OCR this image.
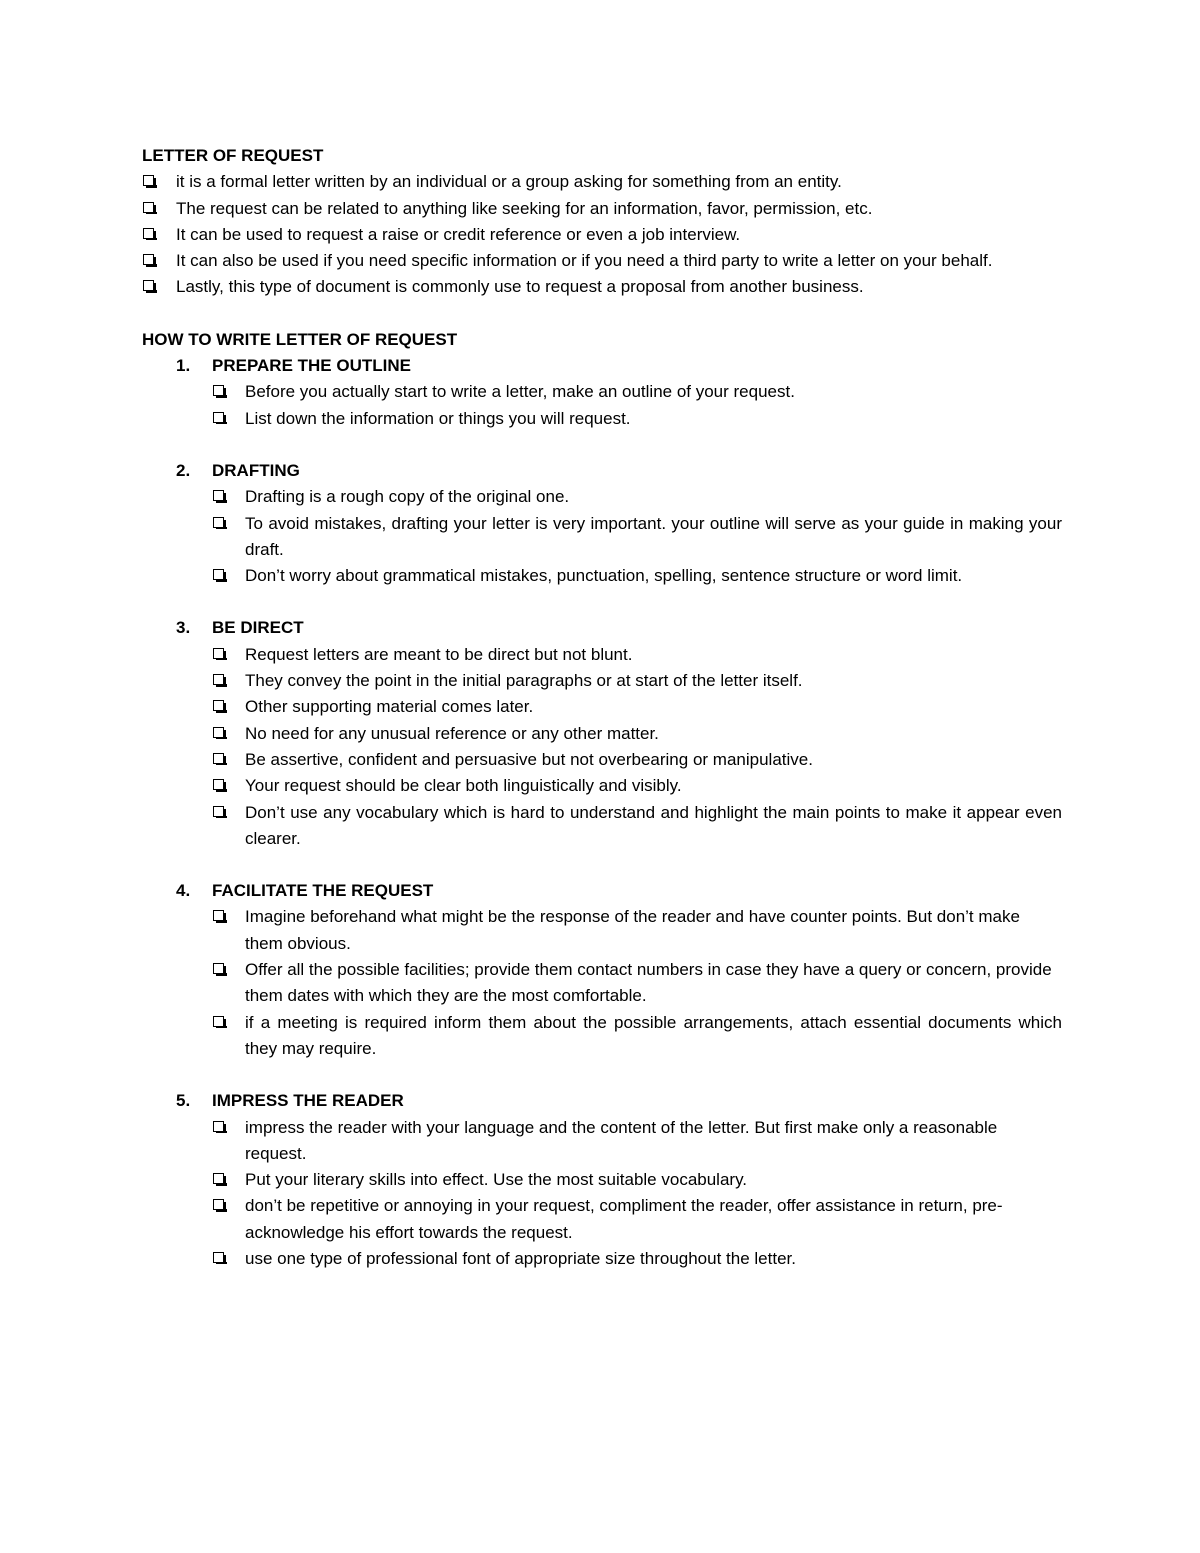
LETTER OF REQUEST
it is a formal letter written by an individual or a group asking for something from an entity.
The request can be related to anything like seeking for an information, favor, permission, etc.
It can be used to request a raise or credit reference or even a job interview.
It can also be used if you need specific information or if you need a third party to write a letter on your behalf.
Lastly, this type of document is commonly use to request a proposal from another business.
HOW TO WRITE LETTER OF REQUEST
1. PREPARE THE OUTLINE
Before you actually start to write a letter, make an outline of your request.
List down the information or things you will request.
2. DRAFTING
Drafting is a rough copy of the original one.
To avoid mistakes, drafting your letter is very important. your outline will serve as your guide in making your draft.
Don’t worry about grammatical mistakes, punctuation, spelling, sentence structure or word limit.
3. BE DIRECT
Request letters are meant to be direct but not blunt.
They convey the point in the initial paragraphs or at start of the letter itself.
Other supporting material comes later.
No need for any unusual reference or any other matter.
Be assertive, confident and persuasive but not overbearing or manipulative.
Your request should be clear both linguistically and visibly.
Don’t use any vocabulary which is hard to understand and highlight the main points to make it appear even clearer.
4. FACILITATE THE REQUEST
Imagine beforehand what might be the response of the reader and have counter points. But don’t make them obvious.
Offer all the possible facilities; provide them contact numbers in case they have a query or concern, provide them dates with which they are the most comfortable.
if a meeting is required inform them about the possible arrangements, attach essential documents which they may require.
5. IMPRESS THE READER
impress the reader with your language and the content of the letter. But first make only a reasonable request.
Put your literary skills into effect. Use the most suitable vocabulary.
don’t be repetitive or annoying in your request, compliment the reader, offer assistance in return, pre-acknowledge his effort towards the request.
use one type of professional font of appropriate size throughout the letter.
